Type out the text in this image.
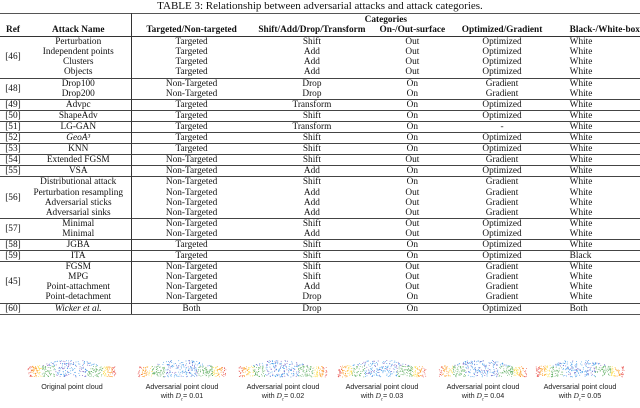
TABLE 3: Relationship between adversarial attacks and attack categories.
		Categories				
Ref	Attack Name	Targeted/Non-targeted	Shift/Add/Drop/Transform	On-/Out-surface	Optimized/Gradient	Black-/White-box
[46]	Perturbation	Targeted	Shift	Out	Optimized	White
	Independent points	Targeted	Add	Out	Optimized	White
	Clusters	Targeted	Add	Out	Optimized	White
	Objects	Targeted	Add	Out	Optimized	White
[48]	Drop100	Non-Targeted	Drop	On	Gradient	White
	Drop200	Non-Targeted	Drop	On	Gradient	White
[49]	Advpc	Targeted	Transform	On	Optimized	White
[50]	ShapeAdv	Targeted	Shift	On	Optimized	White
[51]	LG-GAN	Targeted	Transform	On	-	White
[52]	GeoA³	Targeted	Shift	On	Optimized	White
[53]	KNN	Targeted	Shift	On	Optimized	White
[54]	Extended FGSM	Non-Targeted	Shift	Out	Gradient	White
[55]	VSA	Non-Targeted	Add	On	Optimized	White
[56]	Distributional attack	Non-Targeted	Shift	On	Gradient	White
	Perturbation resampling	Non-Targeted	Add	Out	Gradient	White
	Adversarial sticks	Non-Targeted	Add	Out	Gradient	White
	Adversarial sinks	Non-Targeted	Add	Out	Gradient	White
[57]	Minimal	Non-Targeted	Shift	Out	Optimized	White
	Minimal	Non-Targeted	Add	Out	Optimized	White
[58]	JGBA	Targeted	Shift	On	Optimized	White
[59]	ITA	Targeted	Shift	On	Optimized	Black
[45]	FGSM	Non-Targeted	Shift	Out	Gradient	White
	MPG	Non-Targeted	Shift	Out	Gradient	White
	Point-attachment	Non-Targeted	Add	Out	Gradient	White
	Point-detachment	Non-Targeted	Drop	On	Gradient	White
[60]	Wicker et al.	Both	Drop	On	Optimized	Both
Original point cloud	Adversarial point cloud
with $D_c= 0.01$
Adversarial point cloud
with $D_c= 0.02$
Adversarial point cloud
with $D_c= 0.03$
Adversarial point cloud
with $D_c= 0.04$
Adversarial point cloud
with $D_c= 0.05$
